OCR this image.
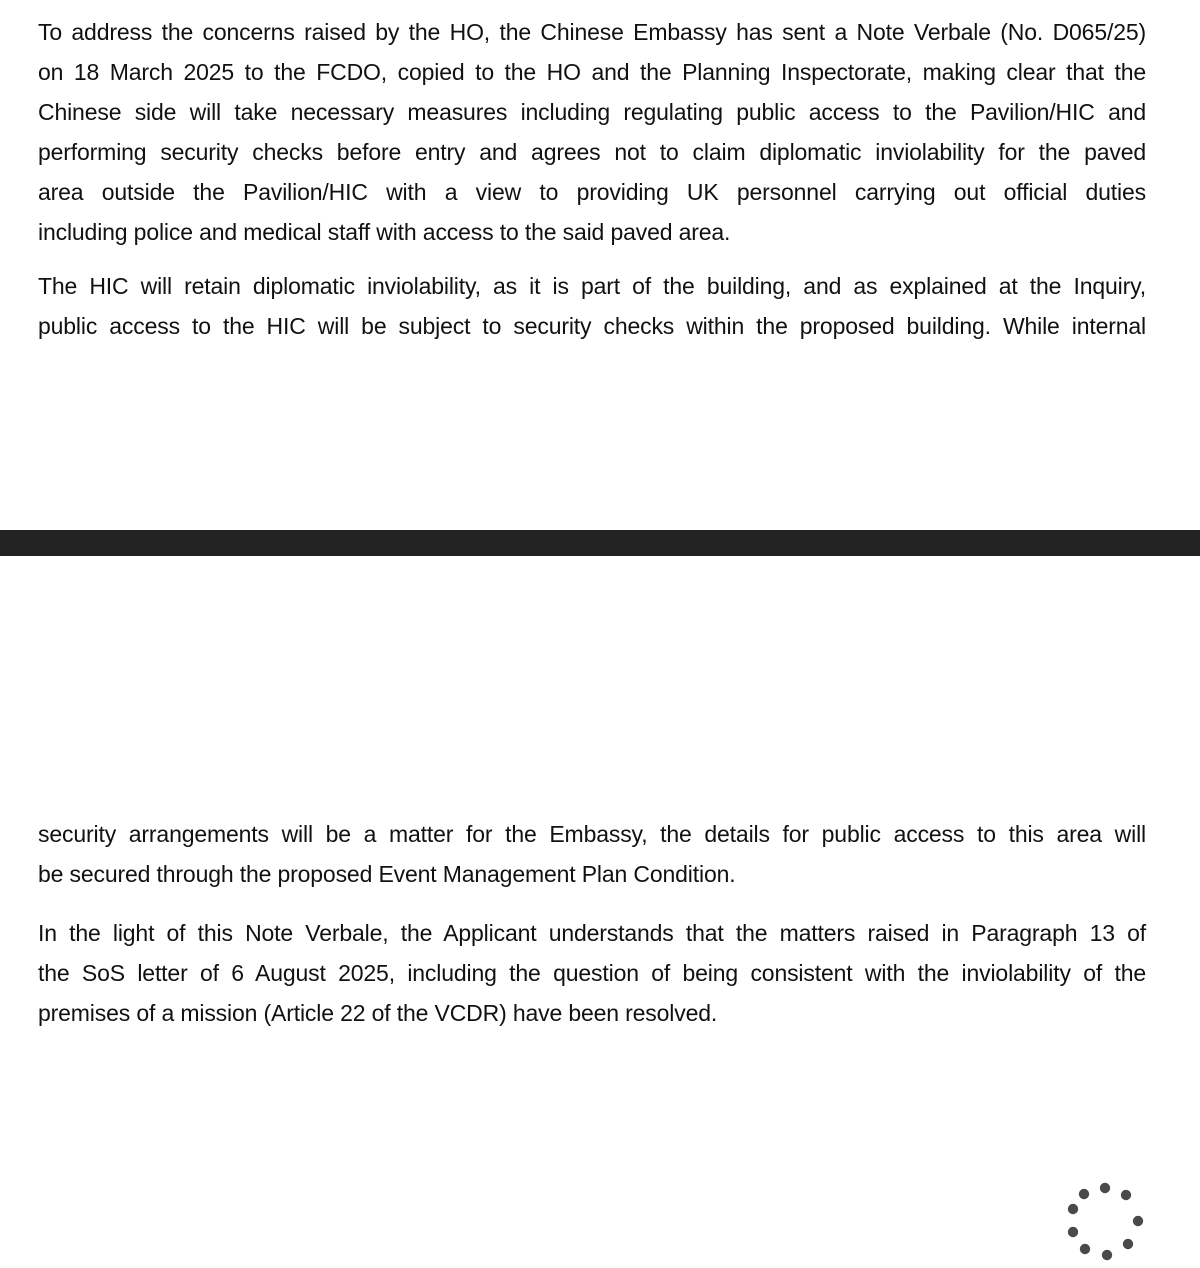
To address the concerns raised by the HO, the Chinese Embassy has sent a Note Verbale (No. D065/25)
on 18 March 2025 to the FCDO, copied to the HO and the Planning Inspectorate, making clear that the
Chinese side will take necessary measures including regulating public access to the Pavilion/HIC and
performing security checks before entry and agrees not to claim diplomatic inviolability for the paved
area outside the Pavilion/HIC with a view to providing UK personnel carrying out official duties
including police and medical staff with access to the said paved area.
The HIC will retain diplomatic inviolability, as it is part of the building, and as explained at the Inquiry,
public access to the HIC will be subject to security checks within the proposed building. While internal
security arrangements will be a matter for the Embassy, the details for public access to this area will
be secured through the proposed Event Management Plan Condition.
In the light of this Note Verbale, the Applicant understands that the matters raised in Paragraph 13 of
the SoS letter of 6 August 2025, including the question of being consistent with the inviolability of the
premises of a mission (Article 22 of the VCDR) have been resolved.
